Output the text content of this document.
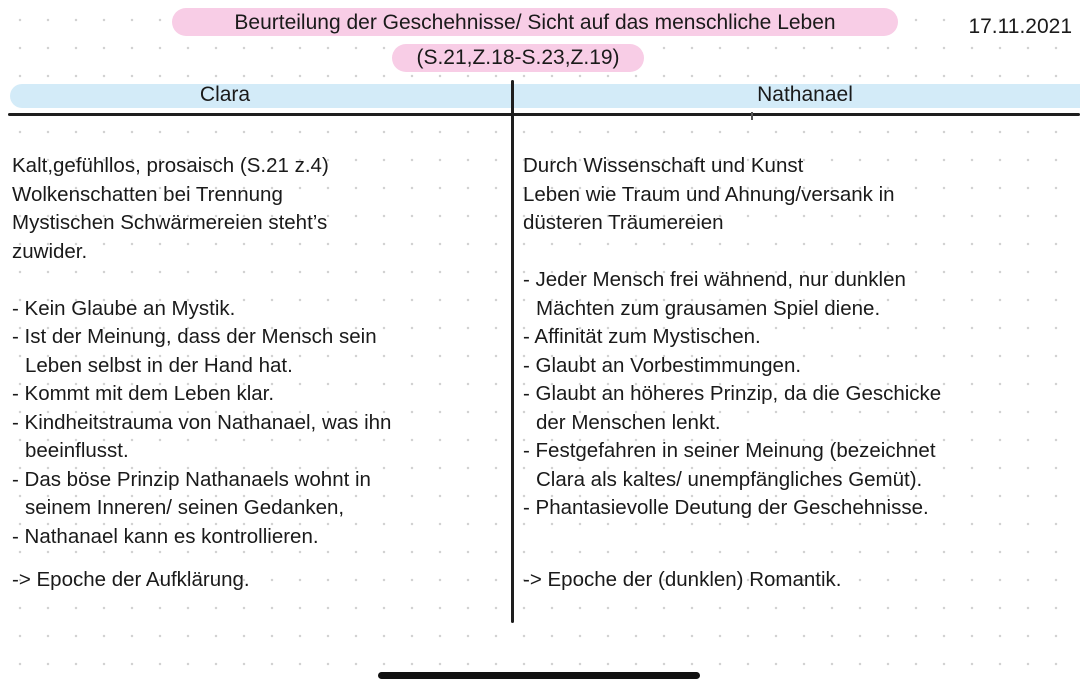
Beurteilung der Geschehnisse/ Sicht auf das menschliche Leben
(S.21,Z.18-S.23,Z.19)
17.11.2021
Clara	Nathanael

Kalt,gefühllos, prosaisch (S.21 z.4)

Wolkenschatten bei Trennung

Mystischen Schwärmereien steht’s

zuwider.

- Kein Glaube an Mystik.

- Ist der Meinung, dass der Mensch sein

Leben selbst in der Hand hat.

- Kommt mit dem Leben klar.

- Kindheitstrauma von Nathanael, was ihn

beeinflusst.

- Das böse Prinzip Nathanaels wohnt in

seinem Inneren/ seinen Gedanken,

- Nathanael kann es kontrollieren.

-> Epoche der Aufklärung.

Durch Wissenschaft und Kunst

Leben wie Traum und Ahnung/versank in

düsteren Träumereien

- Jeder Mensch frei wähnend, nur dunklen

Mächten zum grausamen Spiel diene.

- Affinität zum Mystischen.

- Glaubt an Vorbestimmungen.

- Glaubt an höheres Prinzip, da die Geschicke

der Menschen lenkt.

- Festgefahren in seiner Meinung (bezeichnet

Clara als kaltes/ unempfängliches Gemüt).

- Phantasievolle Deutung der Geschehnisse.

-> Epoche der (dunklen) Romantik.
